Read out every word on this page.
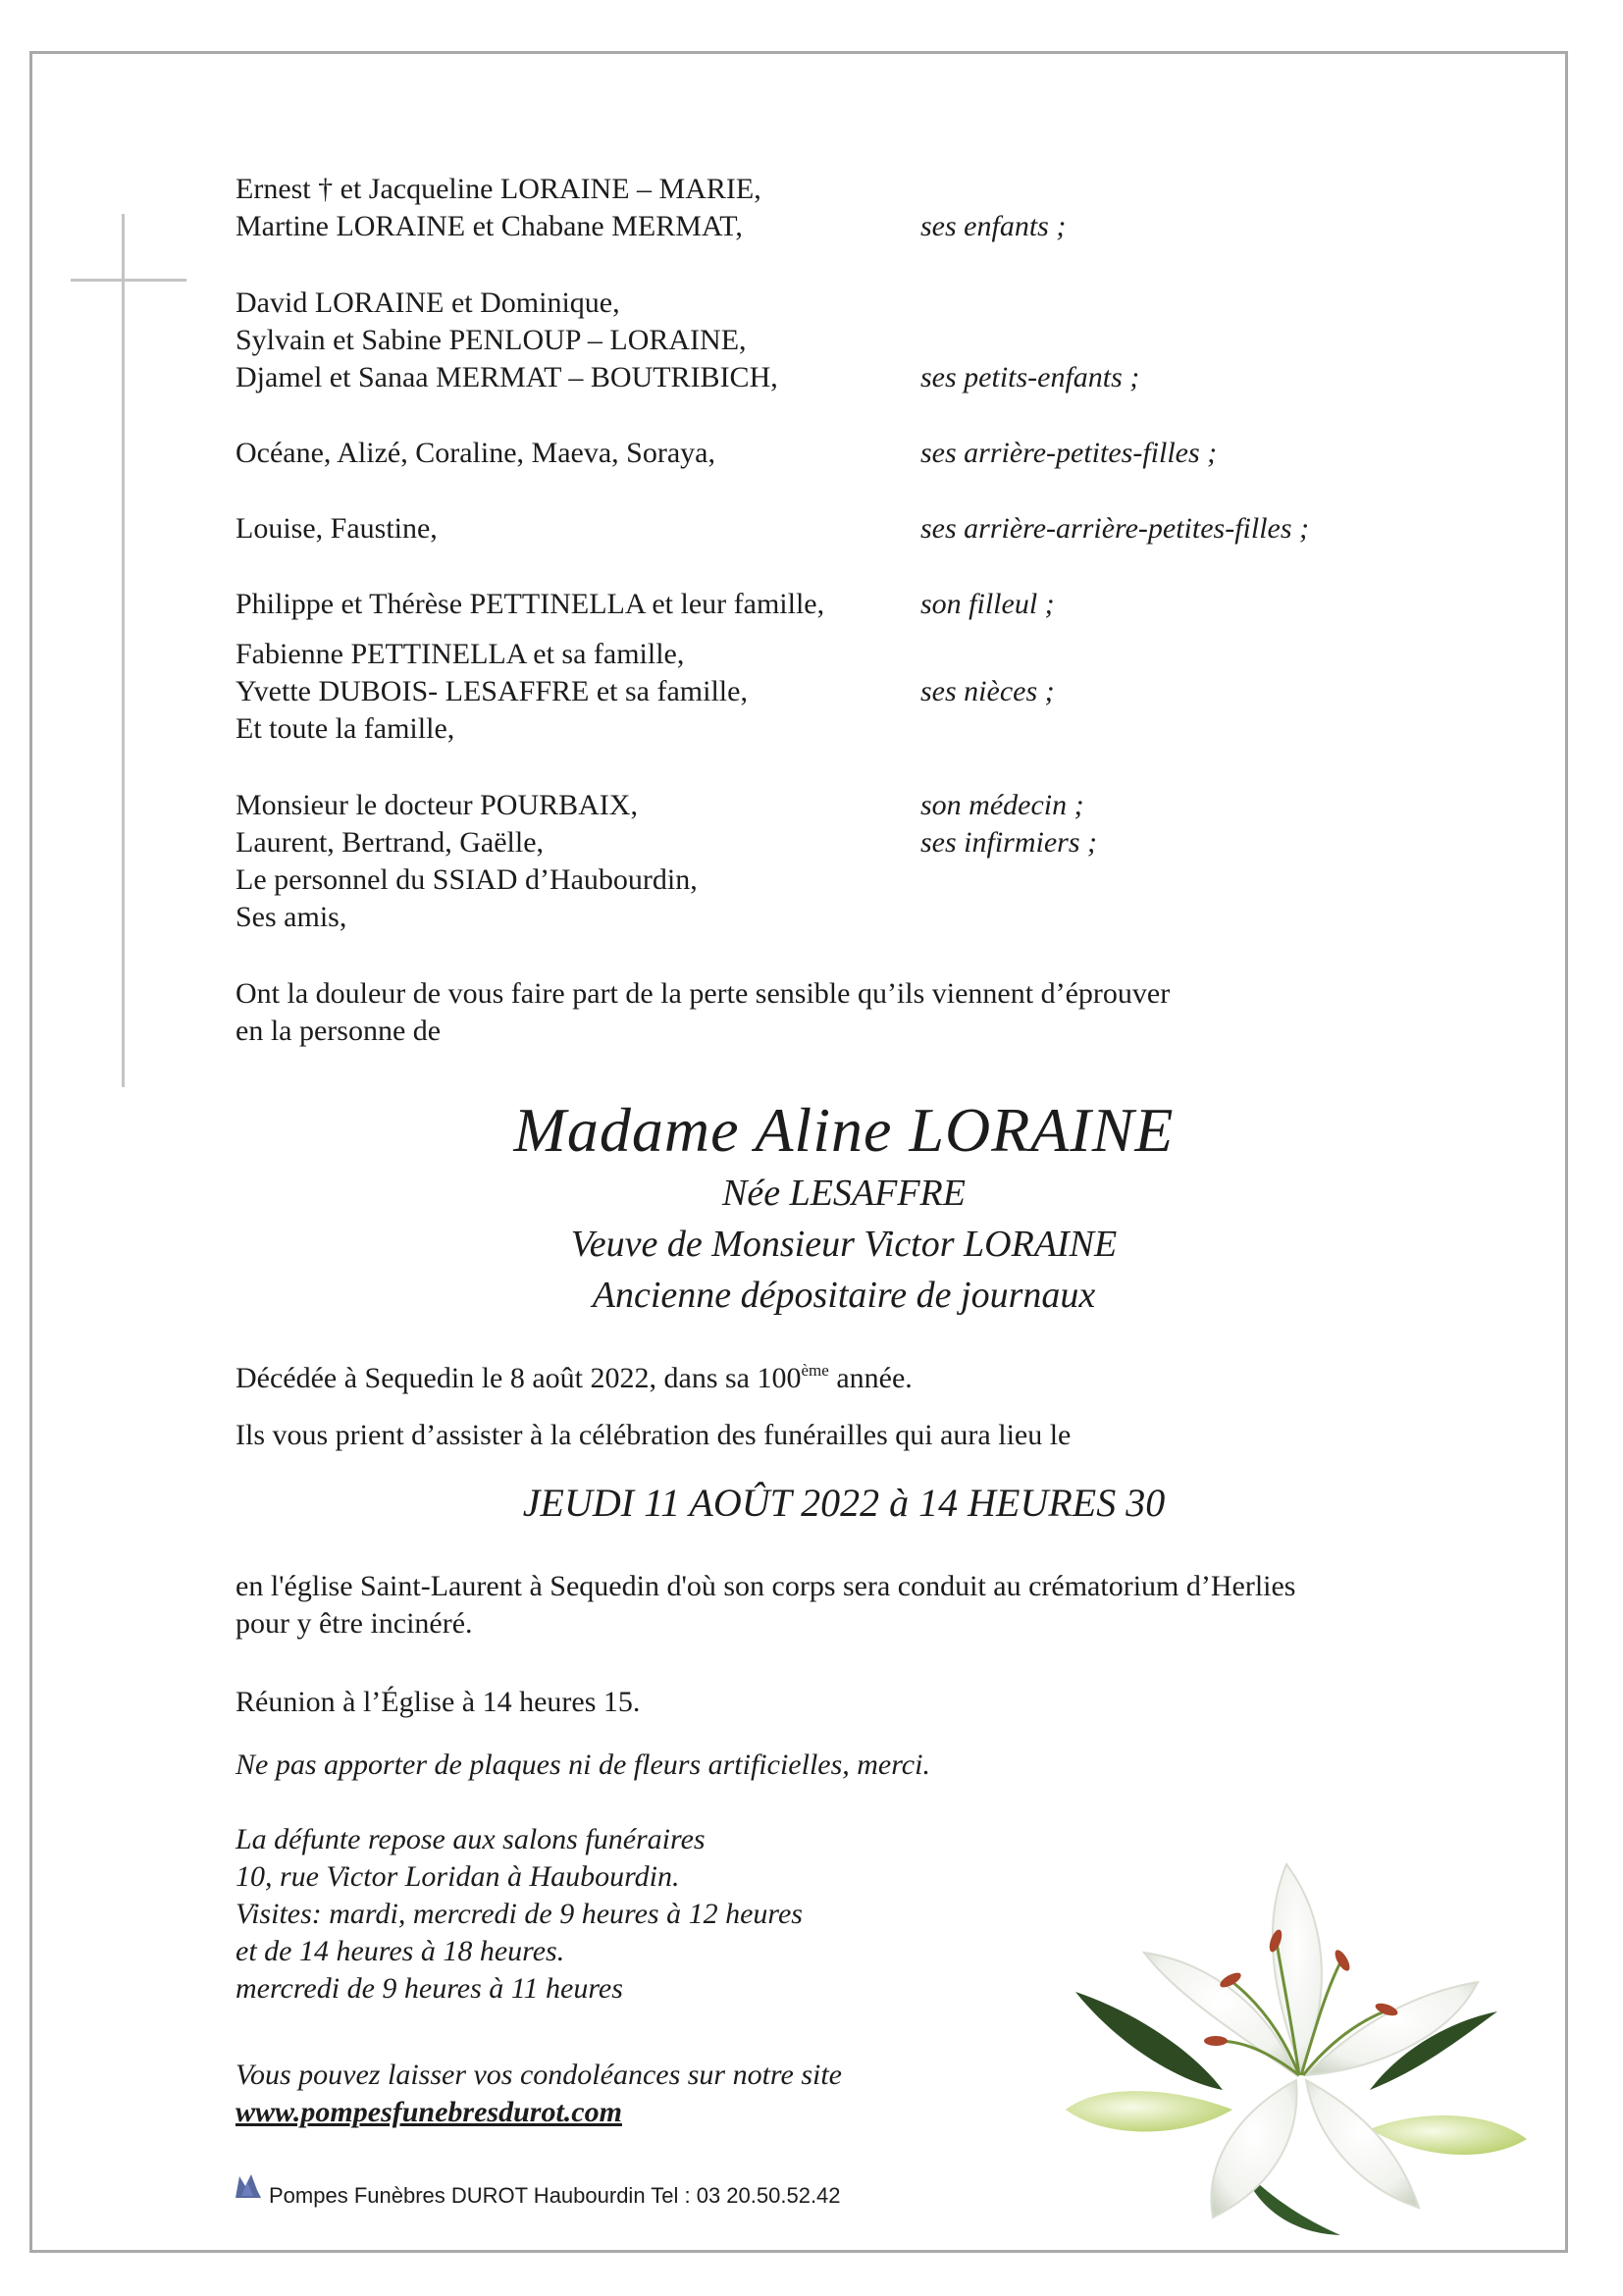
Ernest † et Jacqueline LORAINE – MARIE,
Martine LORAINE et Chabane MERMAT,	ses enfants ;
David LORAINE et Dominique,
Sylvain et Sabine PENLOUP – LORAINE,
Djamel et Sanaa MERMAT – BOUTRIBICH,	ses petits-enfants ;
Océane, Alizé, Coraline, Maeva, Soraya,	ses arrière-petites-filles ;
Louise, Faustine,	ses arrière-arrière-petites-filles ;
Philippe et Thérèse PETTINELLA et leur famille,	son filleul ;
Fabienne PETTINELLA et sa famille,
Yvette DUBOIS- LESAFFRE et sa famille,	ses nièces ;
Et toute la famille,
Monsieur le docteur POURBAIX,	son médecin ;
Laurent, Bertrand, Gaëlle,	ses infirmiers ;
Le personnel du SSIAD d’Haubourdin,
Ses amis,
Ont la douleur de vous faire part de la perte sensible qu’ils viennent d’éprouver
en la personne de
Madame Aline LORAINE
Née LESAFFRE
Veuve de Monsieur Victor LORAINE
Ancienne dépositaire de journaux
Décédée à Sequedin le 8 août 2022, dans sa 100ème année.
Ils vous prient d’assister à la célébration des funérailles qui aura lieu le
JEUDI 11 AOÛT 2022 à 14 HEURES 30
en l'église Saint-Laurent à Sequedin d'où son corps sera conduit au crématorium d’Herlies
pour y être incinéré.
Réunion à l’Église à 14 heures 15.
Ne pas apporter de plaques ni de fleurs artificielles, merci.
La défunte repose aux salons funéraires
10, rue Victor Loridan à Haubourdin.
Visites: mardi, mercredi de 9 heures à 12 heures
et de 14 heures à 18 heures.
mercredi de 9 heures à 11 heures
Vous pouvez laisser vos condoléances sur notre site
www.pompesfunebresdurot.com
Pompes Funèbres DUROT Haubourdin Tel : 03 20.50.52.42
